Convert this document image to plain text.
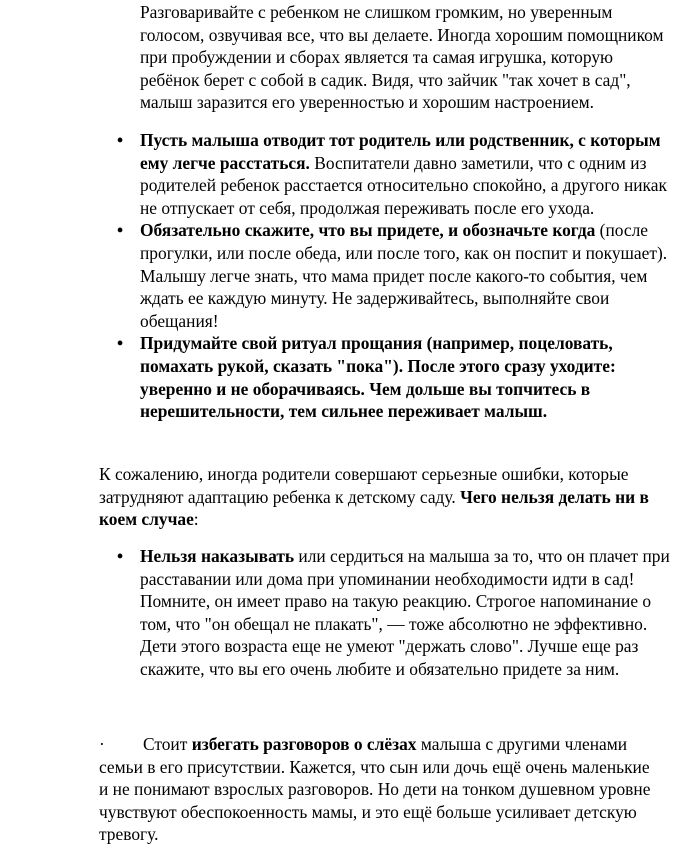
Разговаривайте с ребенком не слишком громким, но уверенным голосом, озвучивая все, что вы делаете. Иногда хорошим помощником при пробуждении и сборах является та самая игрушка, которую ребёнок берет с собой в садик. Видя, что зайчик "так хочет в сад", малыш заразится его уверенностью и хорошим настроением.

• Пусть малыша отводит тот родитель или родственник, с которым ему легче расстаться. Воспитатели давно заметили, что с одним из родителей ребенок расстается относительно спокойно, а другого никак не отпускает от себя, продолжая переживать после его ухода.
• Обязательно скажите, что вы придете, и обозначьте когда (после прогулки, или после обеда, или после того, как он поспит и покушает). Малышу легче знать, что мама придет после какого-то события, чем ждать ее каждую минуту. Не задерживайтесь, выполняйте свои обещания!
• Придумайте свой ритуал прощания (например, поцеловать, помахать рукой, сказать "пока"). После этого сразу уходите: уверенно и не оборачиваясь. Чем дольше вы топчитесь в нерешительности, тем сильнее переживает малыш.

К сожалению, иногда родители совершают серьезные ошибки, которые затрудняют адаптацию ребенка к детскому саду. Чего нельзя делать ни в коем случае:

• Нельзя наказывать или сердиться на малыша за то, что он плачет при расставании или дома при упоминании необходимости идти в сад! Помните, он имеет право на такую реакцию. Строгое напоминание о том, что "он обещал не плакать", — тоже абсолютно не эффективно. Дети этого возраста еще не умеют "держать слово". Лучше еще раз скажите, что вы его очень любите и обязательно придете за ним.

· Стоит избегать разговоров о слёзах малыша с другими членами семьи в его присутствии. Кажется, что сын или дочь ещё очень маленькие и не понимают взрослых разговоров. Но дети на тонком душевном уровне чувствуют обеспокоенность мамы, и это ещё больше усиливает детскую тревогу.
